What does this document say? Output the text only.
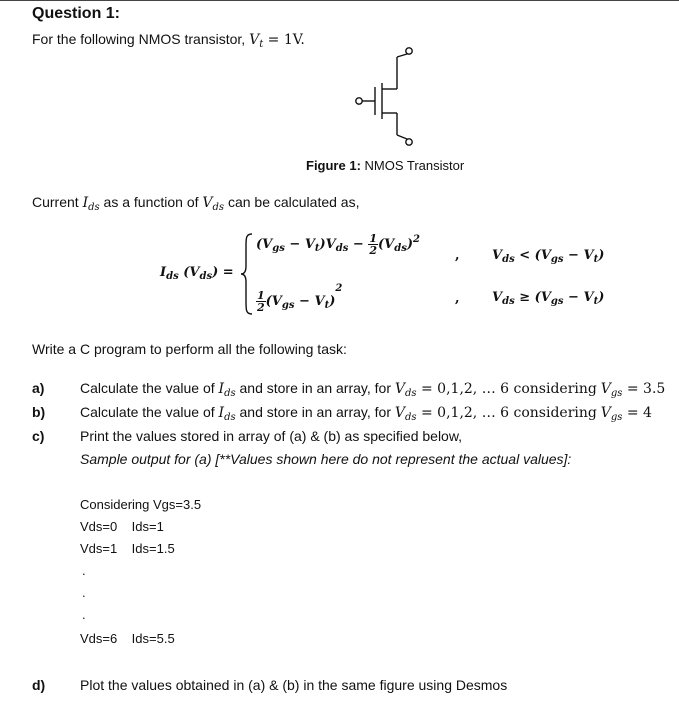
Question 1:
For the following NMOS transistor, $V_t = 1V$.
Figure 1: NMOS Transistor
Current $I_{ds}$ as a function of $V_{ds}$ can be calculated as,
$I_{ds}$ $(V_{ds})$ =
$(V_{gs} - V_t)V_{ds} - \frac{1}{2} (V_{ds})^2$
, $V_{ds} < (V_{gs} - V_t)$
$\frac{1}{2} (V_{gs} - V_t)^2$
, $V_{ds} \ge (V_{gs} - V_t)$
Write a C program to perform all the following task:
a)	Calculate the value of $I_{ds}$ and store in an array, for $V_{ds} = 0,1,2$, … 6 considering $V_{gs} = 3.5$
b) Calculate the value of $I_{ds}$ and store in an array, for $V_{ds} = 0,1,2$, … 6 considering $V_{gs} = 4$
c)	Print the values stored in array of (a) & (b) as specified below,
Sample output for (a) [**Values shown here do not represent the actual values]:
Considering Vgs=3.5
Vds=0    Ids=1
Vds=1    Ids=1.5
.
.
.
Vds=6    Ids=5.5
d) Plot the values obtained in (a) & (b) in the same figure using Desmos
